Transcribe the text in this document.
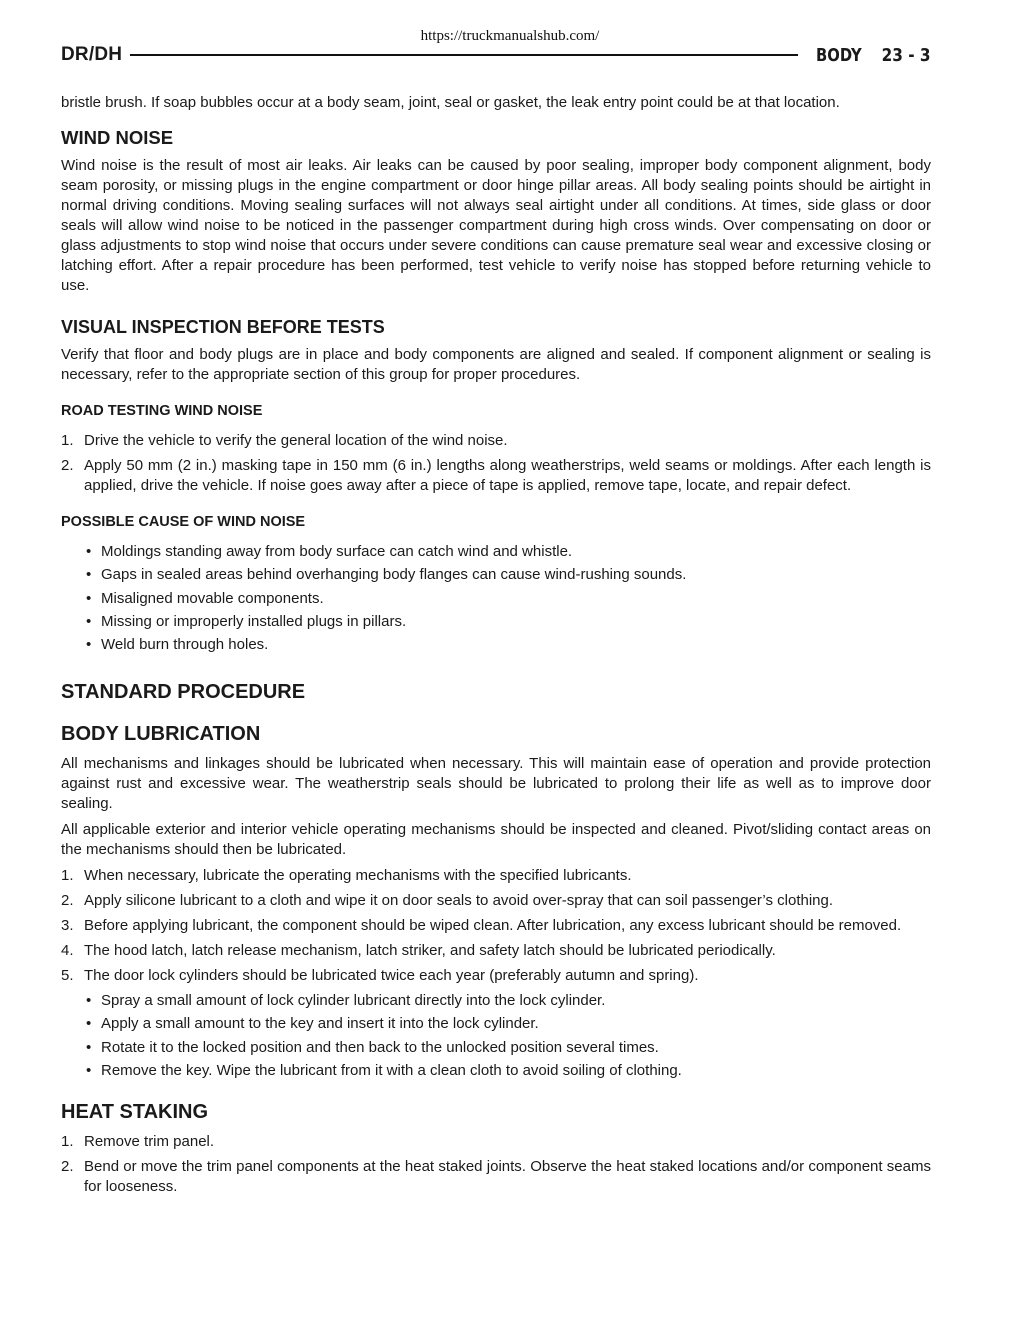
https://truckmanualshub.com/
DR/DH	BODY 23 - 3

bristle brush. If soap bubbles occur at a body seam, joint, seal or gasket, the leak entry point could be at that location.

WIND NOISE

Wind noise is the result of most air leaks. Air leaks can be caused by poor sealing, improper body component alignment, body seam porosity, or missing plugs in the engine compartment or door hinge pillar areas. All body sealing points should be airtight in normal driving conditions. Moving sealing surfaces will not always seal airtight under all conditions. At times, side glass or door seals will allow wind noise to be noticed in the passenger compartment during high cross winds. Over compensating on door or glass adjustments to stop wind noise that occurs under severe conditions can cause premature seal wear and excessive closing or latching effort. After a repair procedure has been performed, test vehicle to verify noise has stopped before returning vehicle to use.

VISUAL INSPECTION BEFORE TESTS

Verify that floor and body plugs are in place and body components are aligned and sealed. If component alignment or sealing is necessary, refer to the appropriate section of this group for proper procedures.

ROAD TESTING WIND NOISE
1. Drive the vehicle to verify the general location of the wind noise.
2. Apply 50 mm (2 in.) masking tape in 150 mm (6 in.) lengths along weatherstrips, weld seams or moldings. After each length is applied, drive the vehicle. If noise goes away after a piece of tape is applied, remove tape, locate, and repair defect.
POSSIBLE CAUSE OF WIND NOISE
• Moldings standing away from body surface can catch wind and whistle.
• Gaps in sealed areas behind overhanging body flanges can cause wind-rushing sounds.
• Misaligned movable components.
• Missing or improperly installed plugs in pillars.
• Weld burn through holes.
STANDARD PROCEDURE
BODY LUBRICATION

All mechanisms and linkages should be lubricated when necessary. This will maintain ease of operation and provide protection against rust and excessive wear. The weatherstrip seals should be lubricated to prolong their life as well as to improve door sealing.

All applicable exterior and interior vehicle operating mechanisms should be inspected and cleaned. Pivot/sliding contact areas on the mechanisms should then be lubricated.

1. When necessary, lubricate the operating mechanisms with the specified lubricants.
2. Apply silicone lubricant to a cloth and wipe it on door seals to avoid over-spray that can soil passenger’s clothing.
3. Before applying lubricant, the component should be wiped clean. After lubrication, any excess lubricant should be removed.
4. The hood latch, latch release mechanism, latch striker, and safety latch should be lubricated periodically.
5. The door lock cylinders should be lubricated twice each year (preferably autumn and spring).
• Spray a small amount of lock cylinder lubricant directly into the lock cylinder.
• Apply a small amount to the key and insert it into the lock cylinder.
• Rotate it to the locked position and then back to the unlocked position several times.
• Remove the key. Wipe the lubricant from it with a clean cloth to avoid soiling of clothing.
HEAT STAKING
1. Remove trim panel.
2. Bend or move the trim panel components at the heat staked joints. Observe the heat staked locations and/or component seams for looseness.
